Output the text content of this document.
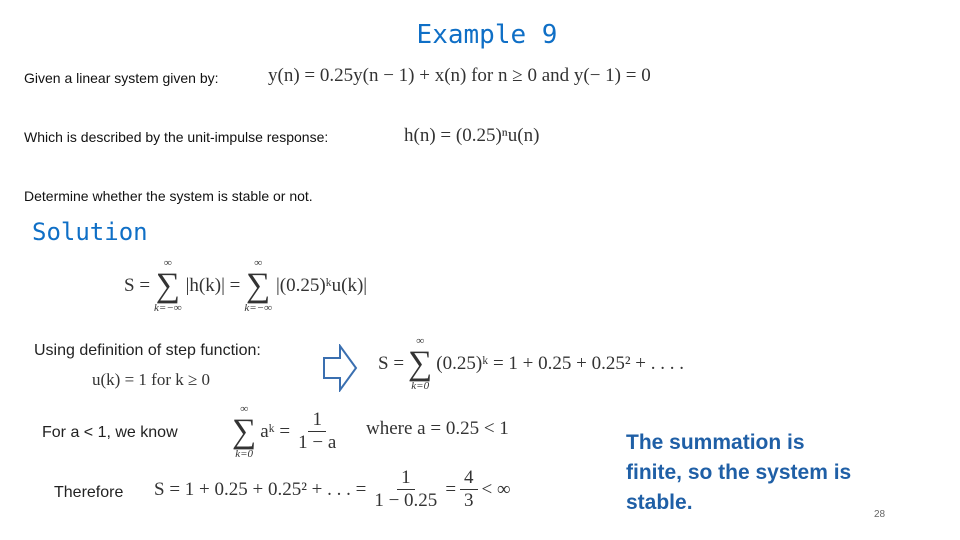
Example 9
Given a linear system given by:	y(n) = 0.25y(n − 1) + x(n) for n ≥ 0 and y(− 1) = 0
Which is described by the unit-impulse response:	h(n) = (0.25)ⁿu(n)
Determine whether the system is stable or not.
Solution
S =
∞
∑
k=−∞
|h(k)| =
∞
∑
k=−∞
|(0.25)ᵏu(k)|
Using definition of step function:
u(k) = 1 for k ≥ 0
S =
∞
∑
k=0
(0.25)ᵏ = 1 + 0.25 + 0.25² + . . . .
For a < 1, we know
∞
∑
k=0
aᵏ = $\frac{1}{1 - a}$ where a = 0.25 < 1
Therefore S = 1 + 0.25 + 0.25² + . . . = $\frac{1}{1 - 0.25} = \frac{4}{3}$ < ∞
The summation is finite, so the system is stable.
28
